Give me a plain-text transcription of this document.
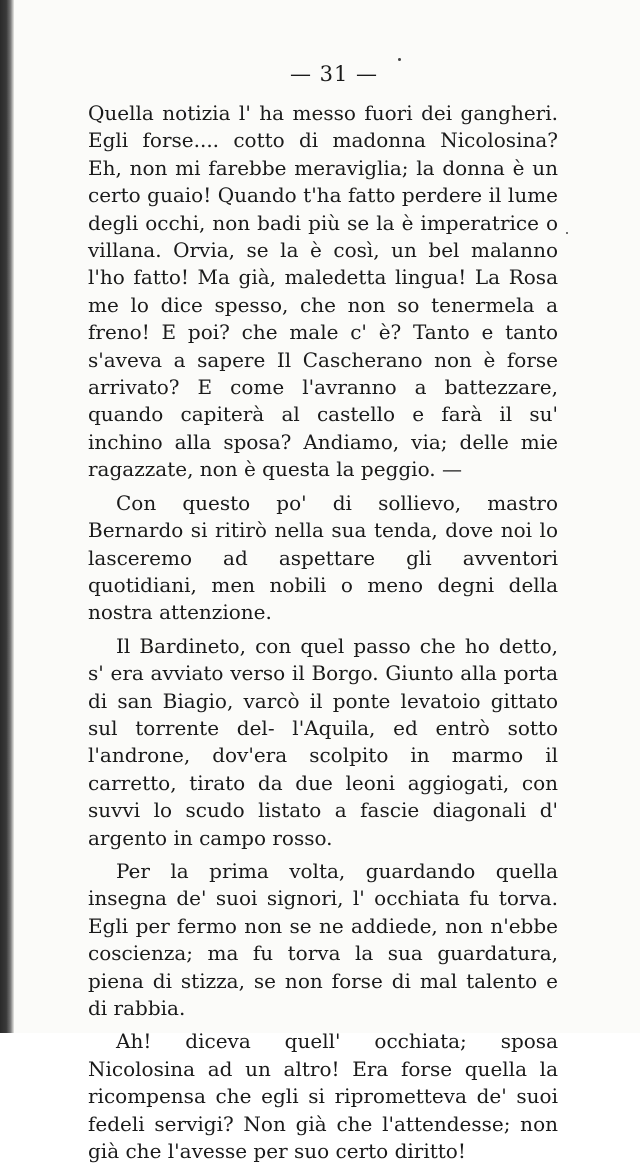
— 31 —

Quella notizia l' ha messo fuori dei gangheri. Egli forse.... cotto di madonna Nicolosina? Eh, non mi farebbe meraviglia; la donna è un certo guaio! Quando t'ha fatto perdere il lume degli occhi, non badi più se la è imperatrice o villana. Orvia, se la è così, un bel malanno l'ho fatto! Ma già, maledetta lingua! La Rosa me lo dice spesso, che non so tenermela a freno! E poi? che male c' è? Tanto e tanto s'aveva a sapere Il Cascherano non è forse arrivato? E come l'avranno a battezzare, quando capiterà al castello e farà il su' inchino alla sposa? Andiamo, via; delle mie ragazzate, non è questa la peggio. —

Con questo po' di sollievo, mastro Bernardo si ritirò nella sua tenda, dove noi lo lasceremo ad aspettare gli avventori quotidiani, men nobili o meno degni della nostra attenzione.

Il Bardineto, con quel passo che ho detto, s' era avviato verso il Borgo. Giunto alla porta di san Biagio, varcò il ponte levatoio gittato sul torrente del- l'Aquila, ed entrò sotto l'androne, dov'era scolpito in marmo il carretto, tirato da due leoni aggiogati, con suvvi lo scudo listato a fascie diagonali d' argento in campo rosso.

Per la prima volta, guardando quella insegna de' suoi signori, l' occhiata fu torva. Egli per fermo non se ne addiede, non n'ebbe coscienza; ma fu torva la sua guardatura, piena di stizza, se non forse di mal talento e di rabbia.

Ah! diceva quell' occhiata; sposa Nicolosina ad un altro! Era forse quella la ricompensa che egli si riprometteva de' suoi fedeli servigi? Non già che l'attendesse; non già che l'avesse per suo certo diritto!
